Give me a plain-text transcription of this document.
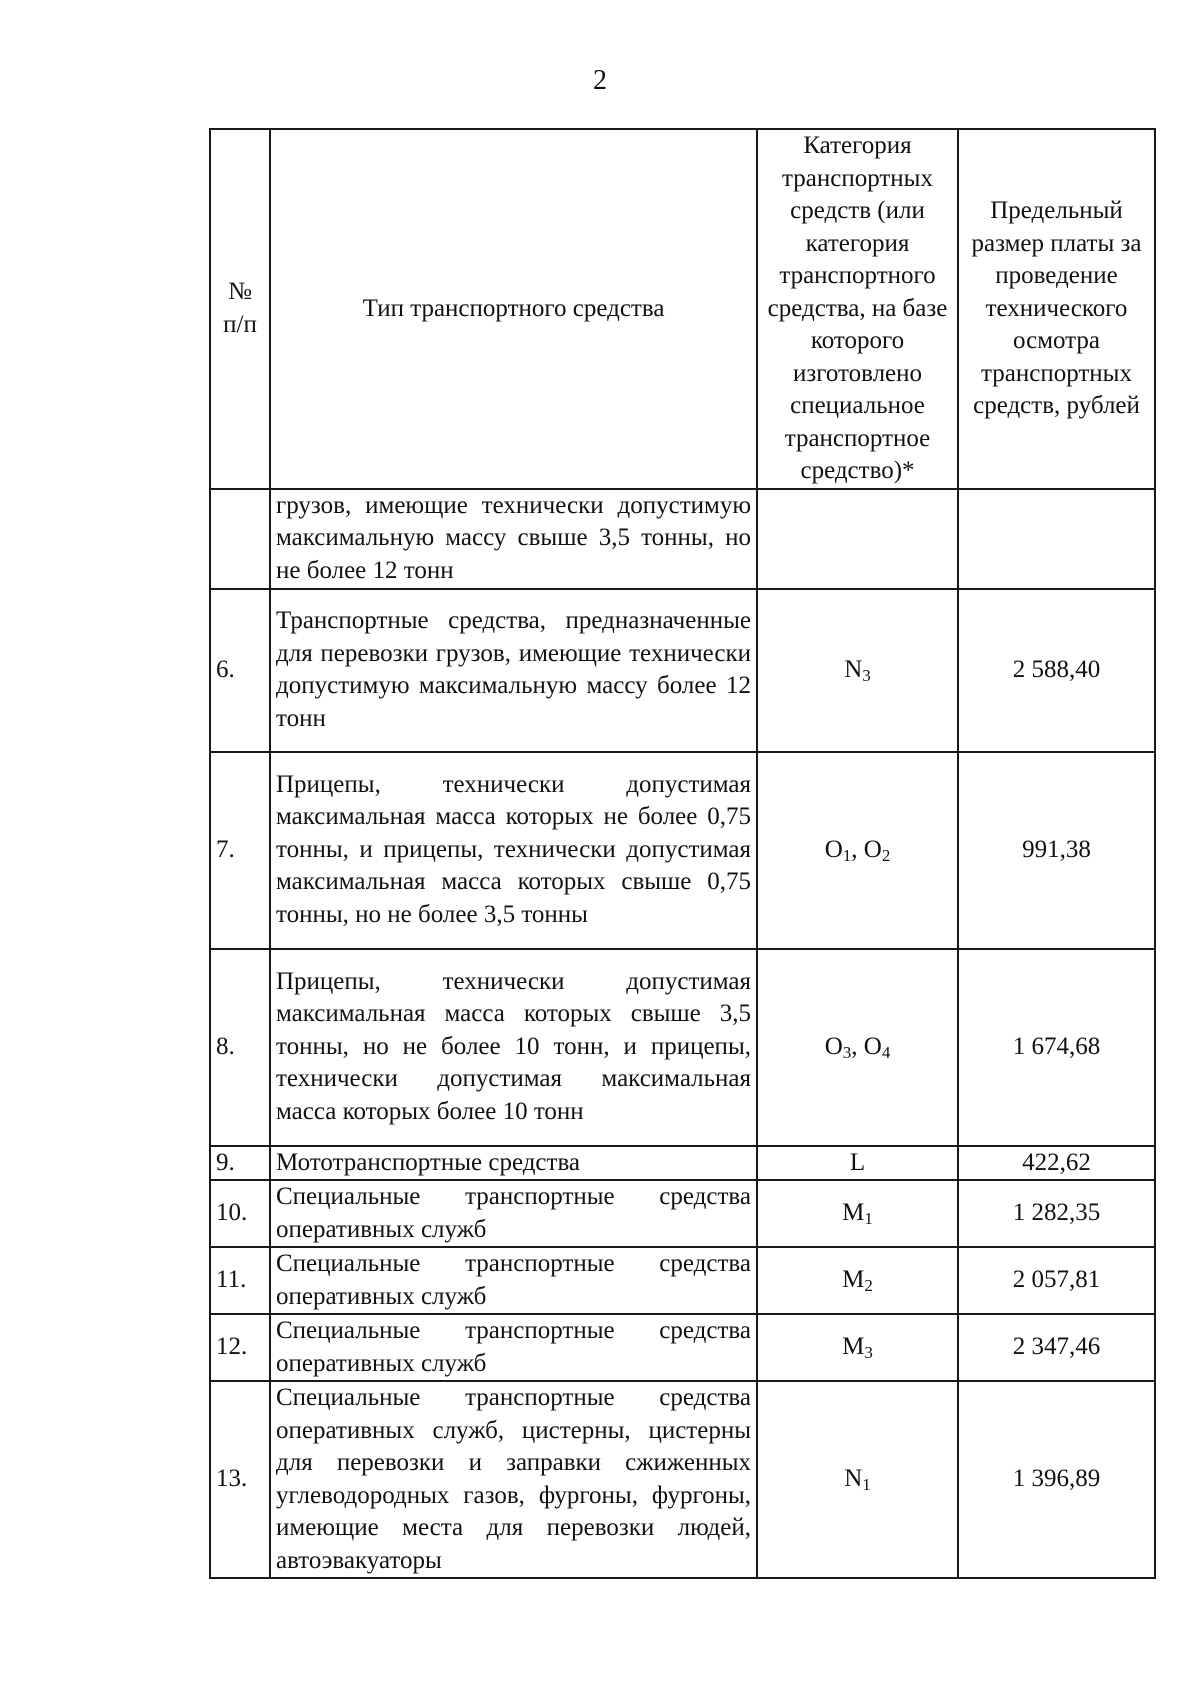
2
№ п/п	Тип транспортного средства	Категория транспортных средств (или категория транспортного средства, на базе которого изготовлено специальное транспортное средство)*	Предельный размер платы за проведение технического осмотра транспортных средств, рублей
	грузов, имеющие технически допустимую максимальную массу свыше 3,5 тонны, но не более 12 тонн		
6.	Транспортные средства, предназначенные для перевозки грузов, имеющие технически допустимую максимальную массу более 12 тонн	$N_3$	2 588,40
7.	Прицепы, технически допустимая максимальная масса которых не более 0,75 тонны, и прицепы, технически допустимая максимальная масса которых свыше 0,75 тонны, но не более 3,5 тонны	$O_1$, $O_2$	991,38
8.	Прицепы, технически допустимая максимальная масса которых свыше 3,5 тонны, но не более 10 тонн, и прицепы, технически допустимая максимальная масса которых более 10 тонн	$O_3$, $O_4$	1 674,68
9.	Мототранспортные средства	L	422,62
10.	Специальные транспортные средства оперативных служб	$M_1$	1 282,35
11.	Специальные транспортные средства оперативных служб	$M_2$	2 057,81
12.	Специальные транспортные средства оперативных служб	$M_3$	2 347,46
13.	Специальные транспортные средства оперативных служб, цистерны, цистерны для перевозки и заправки сжиженных углеводородных газов, фургоны, фургоны, имеющие места для перевозки людей, автоэвакуаторы	$N_1$	1 396,89
